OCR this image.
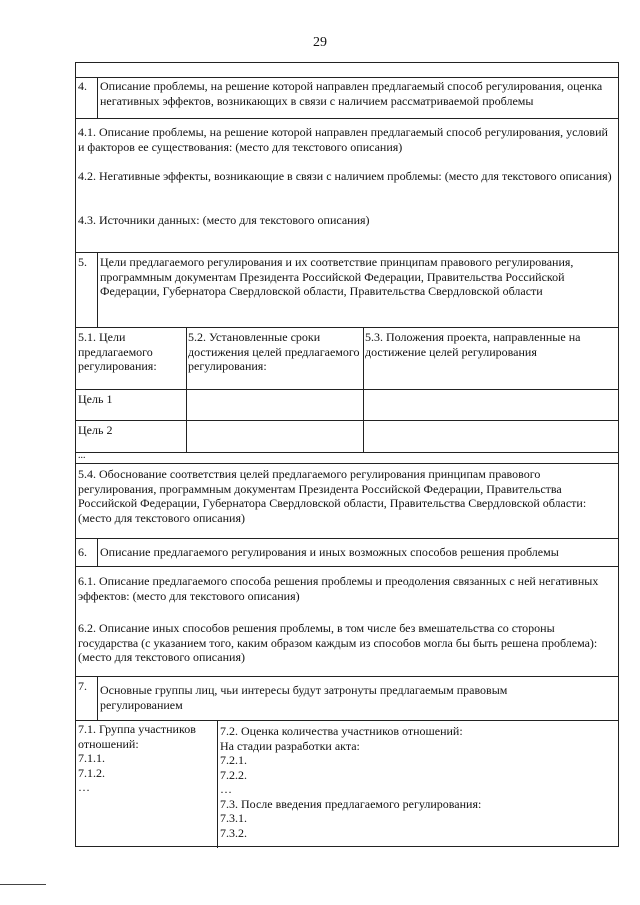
29

4. Описание проблемы, на решение которой направлен предлагаемый способ регулирования, оценка негативных эффектов, возникающих в связи с наличием рассматриваемой проблемы

4.1. Описание проблемы, на решение которой направлен предлагаемый способ регулирования, условий и факторов ее существования: (место для текстового описания)

4.2. Негативные эффекты, возникающие в связи с наличием проблемы: (место для текстового описания)

4.3. Источники данных: (место для текстового описания)

5. Цели предлагаемого регулирования и их соответствие принципам правового регулирования, программным документам Президента Российской Федерации, Правительства Российской Федерации, Губернатора Свердловской области, Правительства Свердловской области

5.1. Цели предлагаемого регулирования:

5.2. Установленные сроки достижения целей предлагаемого регулирования:

5.3. Положения проекта, направленные на достижение целей регулирования

Цель 1

Цель 2

...

5.4. Обоснование соответствия целей предлагаемого регулирования принципам правового регулирования, программным документам Президента Российской Федерации, Правительства Российской Федерации, Губернатора Свердловской области, Правительства Свердловской области: (место для текстового описания)

6. Описание предлагаемого регулирования и иных возможных способов решения проблемы

6.1. Описание предлагаемого способа решения проблемы и преодоления связанных с ней негативных эффектов: (место для текстового описания)

6.2. Описание иных способов решения проблемы, в том числе без вмешательства со стороны государства (с указанием того, каким образом каждым из способов могла бы быть решена проблема): (место для текстового описания)

7. Основные группы лиц, чьи интересы будут затронуты предлагаемым правовым регулированием

7.1. Группа участников отношений:
7.1.1.
7.1.2.
…
7.2. Оценка количества участников отношений:
На стадии разработки акта:
7.2.1.
7.2.2.
…
7.3. После введения предлагаемого регулирования:
7.3.1.
7.3.2.
